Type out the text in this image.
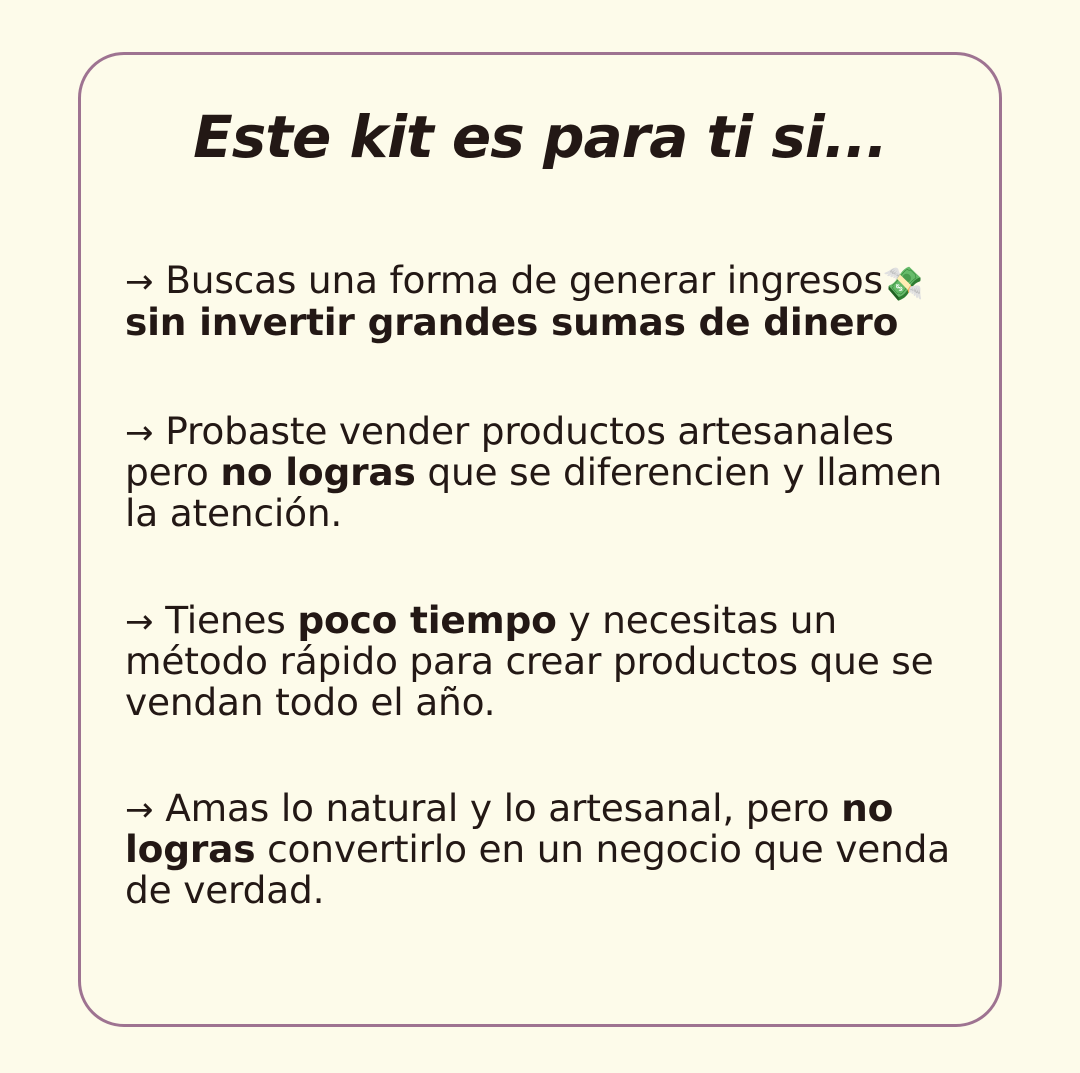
Este kit es para ti si...
→ Buscas una forma de generar ingresos💸 sin invertir grandes sumas de dinero
→ Probaste vender productos artesanales pero no logras que se diferencien y llamen la atención.
→ Tienes poco tiempo y necesitas un método rápido para crear productos que se vendan todo el año.
→ Amas lo natural y lo artesanal, pero no logras convertirlo en un negocio que venda de verdad.
